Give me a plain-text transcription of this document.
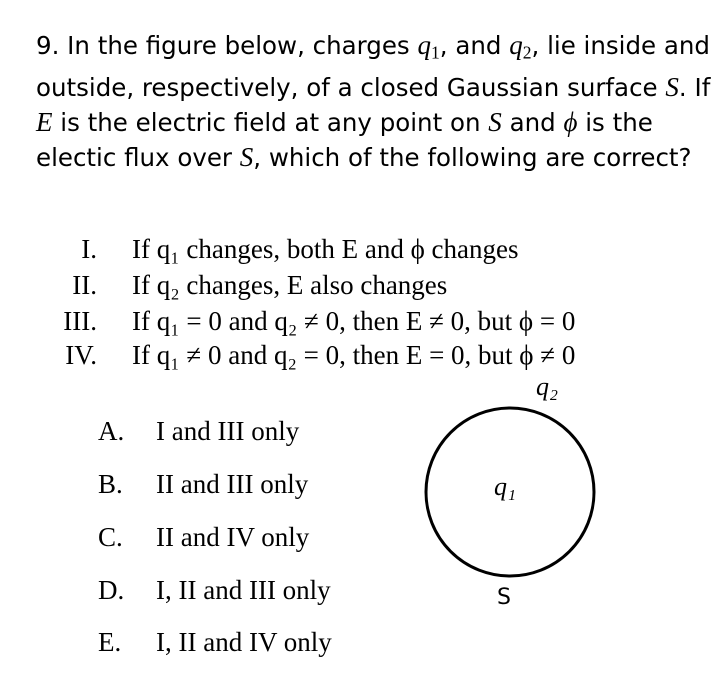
9. In the figure below, charges $q_1$, and $q_2$, lie inside and outside, respectively, of a closed Gaussian surface S. If E is the electric field at any point on S and ϕ is the electic flux over S, which of the following are correct?
I. If q₁ changes, both E and ϕ changes
II. If q₂ changes, E also changes
III. If q₁ = 0 and q₂ ≠ 0, then E ≠ 0, but ϕ = 0
IV. If q₁ ≠ 0 and q₂ = 0, then E = 0, but ϕ ≠ 0
A. I and III only
B. II and III only
C. II and IV only
D. I, II and III only
E. I, II and IV only
q₂
q₁
S
